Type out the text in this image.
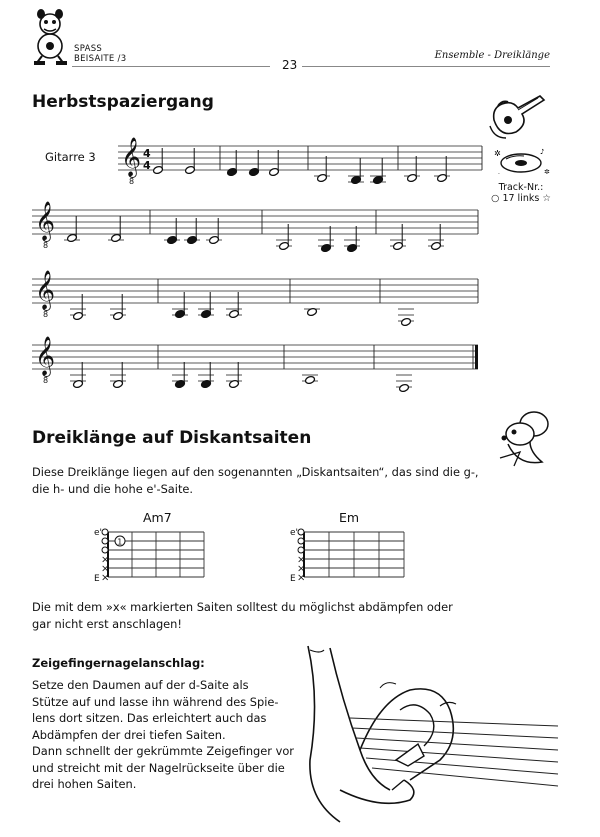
SPASS
BEISAITE /3	23
Ensemble - Dreiklänge
Herbstspaziergang
Gitarre 3	✲	♪
✲
·
Track-Nr.:
○ 17 links ☆
𝄞
8
4
4
𝄞
8
𝄞
8
𝄞
8
Dreiklänge auf Diskantsaiten

Diese Dreiklänge liegen auf den sogenannten „Diskantsaiten“, das sind die g-,

die h- und die hohe e'-Saite.

Am7	Em
e'
E
×
×
×
1
e'
E
×
×
×

Die mit dem »x« markierten Saiten solltest du möglichst abdämpfen oder

gar nicht erst anschlagen!

Zeigefingernagelanschlag:

Setze den Daumen auf der d-Saite als

Stütze auf und lasse ihn während des Spie-

lens dort sitzen. Das erleichtert auch das

Abdämpfen der drei tiefen Saiten.

Dann schnellt der gekrümmte Zeigefinger vor

und streicht mit der Nagelrückseite über die

drei hohen Saiten.
